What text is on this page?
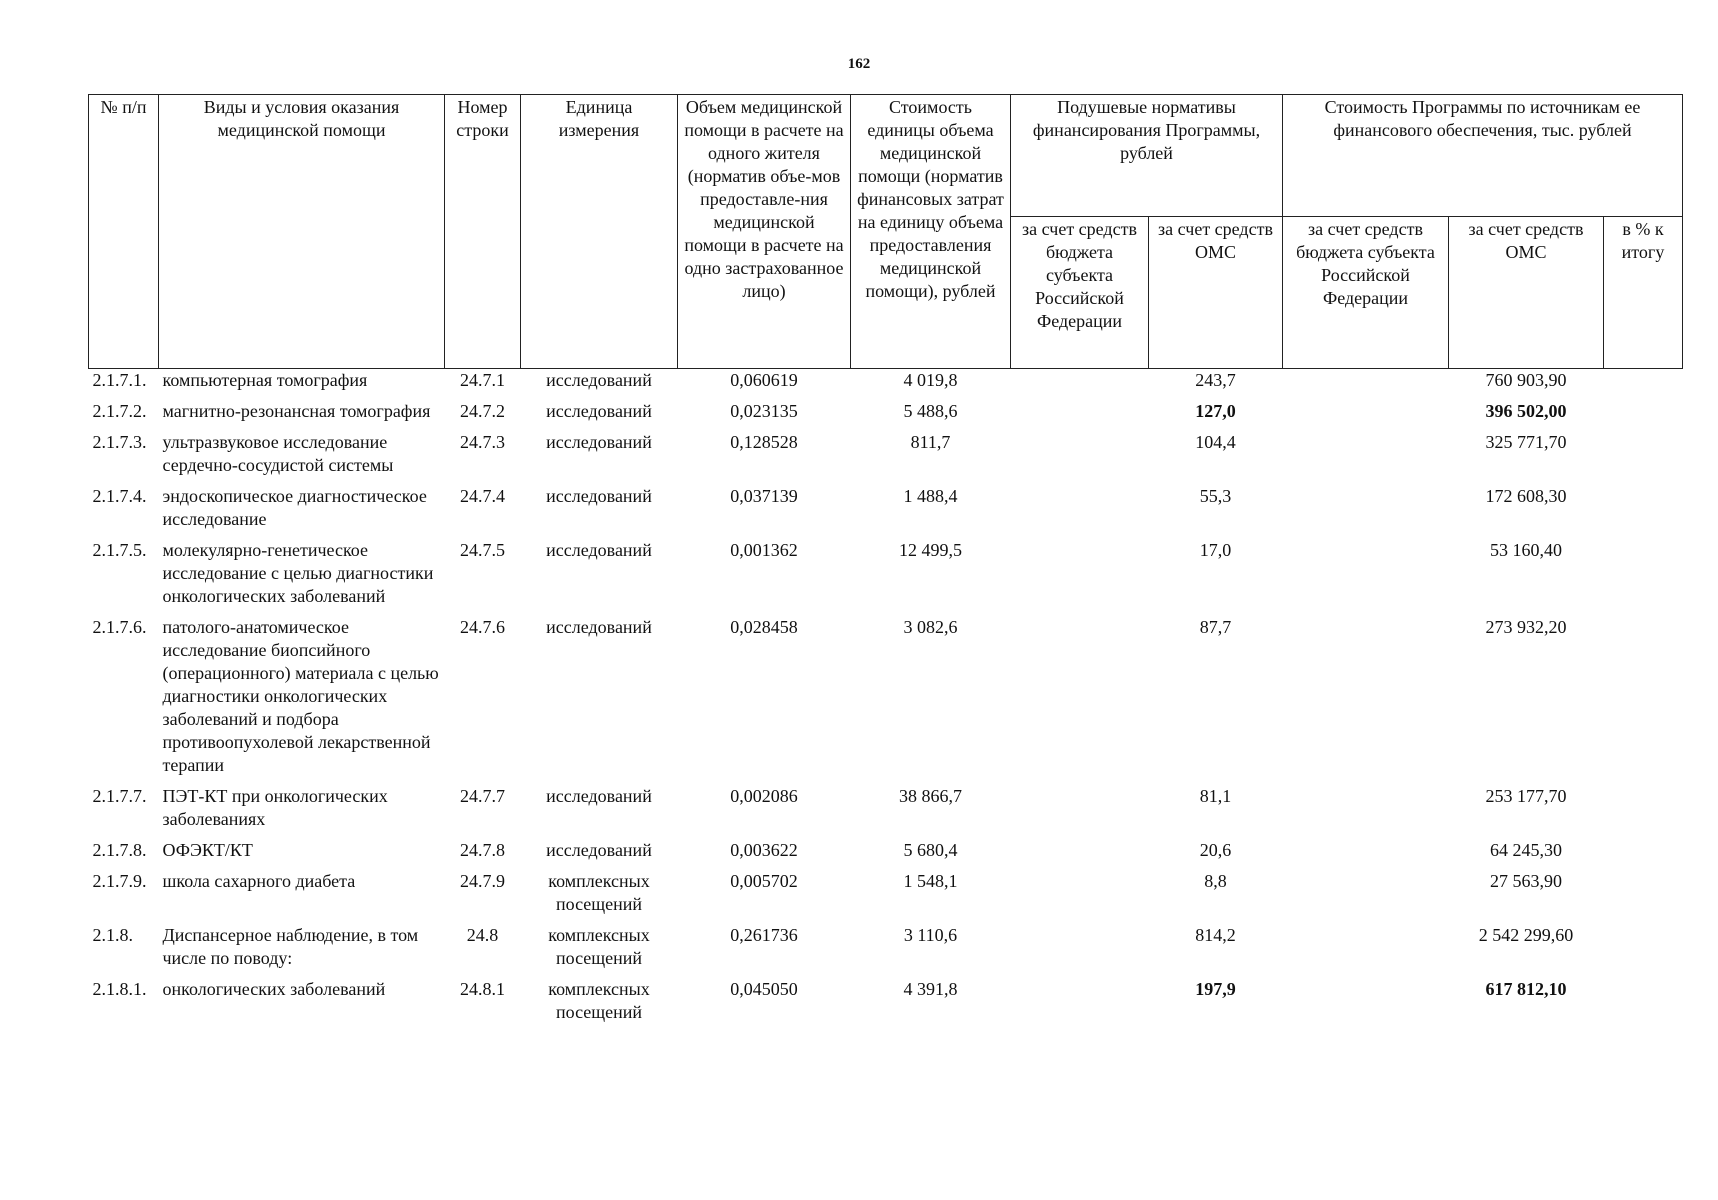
162
№ п/п	Виды и условия оказания медицинской помощи	Номер строки	Единица измерения	Объем медицинской помощи в расчете на одного жителя (норматив объе-мов предоставле-ния медицинской помощи в расчете на одно застрахованное лицо)	Стоимость единицы объема медицинской помощи (норматив финансовых затрат на единицу объема предоставления медицинской помощи), рублей	Подушевые нормативы финансирования Программы, рублей		Стоимость Программы по источникам ее финансового обеспечения, тыс. рублей		
						за счет средств бюджета субъекта Российской Федерации	за счет средств ОМС	за счет средств бюджета субъекта Российской Федерации	за счет средств ОМС	в % к итогу
2.1.7.1.	компьютерная томография	24.7.1	исследований	0,060619	4 019,8		243,7		760 903,90	
2.1.7.2.	магнитно-резонансная томография	24.7.2	исследований	0,023135	5 488,6		127,0		396 502,00	
2.1.7.3.	ультразвуковое исследование сердечно-сосудистой системы	24.7.3	исследований	0,128528	811,7		104,4		325 771,70	
2.1.7.4.	эндоскопическое диагностическое исследование	24.7.4	исследований	0,037139	1 488,4		55,3		172 608,30	
2.1.7.5.	молекулярно-генетическое исследование с целью диагностики онкологических заболеваний	24.7.5	исследований	0,001362	12 499,5		17,0		53 160,40	
2.1.7.6.	патолого-анатомическое исследование биопсийного (операционного) материала с целью диагностики онкологических заболеваний и подбора противоопухолевой лекарственной терапии	24.7.6	исследований	0,028458	3 082,6		87,7		273 932,20	
2.1.7.7.	ПЭТ-КТ при онкологических заболеваниях	24.7.7	исследований	0,002086	38 866,7		81,1		253 177,70	
2.1.7.8.	ОФЭКТ/КТ	24.7.8	исследований	0,003622	5 680,4		20,6		64 245,30	
2.1.7.9.	школа сахарного диабета	24.7.9	комплексных посещений	0,005702	1 548,1		8,8		27 563,90	
2.1.8.	Диспансерное наблюдение, в том числе по поводу:	24.8	комплексных посещений	0,261736	3 110,6		814,2		2 542 299,60	
2.1.8.1.	онкологических заболеваний	24.8.1	комплексных посещений	0,045050	4 391,8		197,9		617 812,10	
